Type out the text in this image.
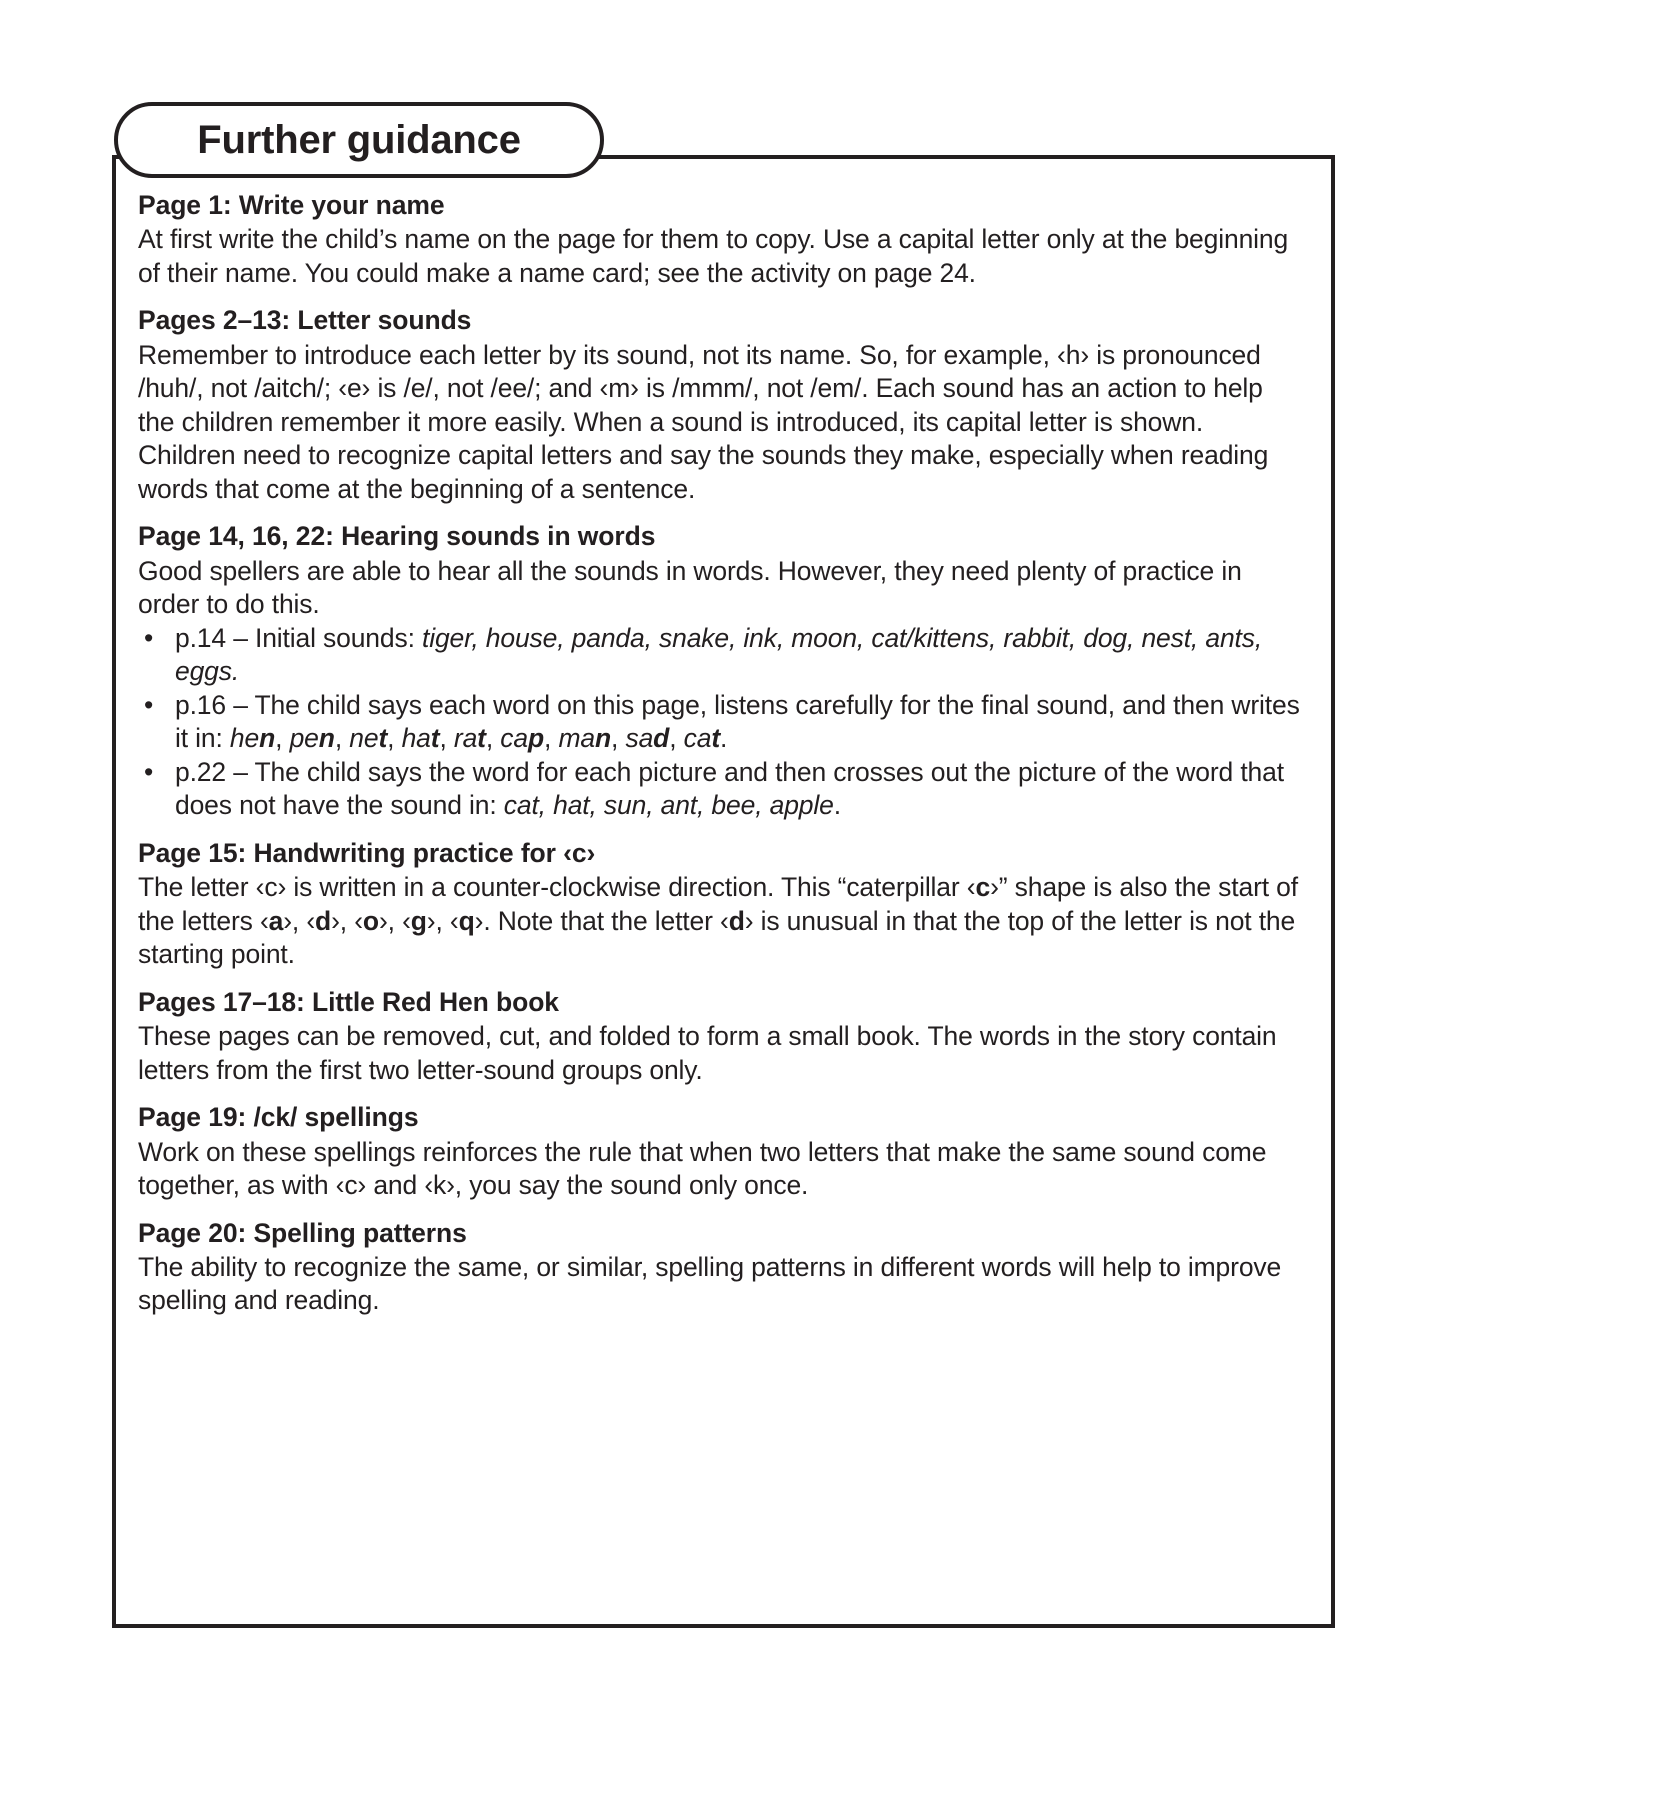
Further guidance
Page 1: Write your name

At first write the child’s name on the page for them to copy. Use a capital letter only at the beginning of their name. You could make a name card; see the activity on page 24.

Pages 2–13: Letter sounds

Remember to introduce each letter by its sound, not its name. So, for example, ‹h› is pronounced /huh/, not /aitch/; ‹e› is /e/, not /ee/; and ‹m› is /mmm/, not /em/. Each sound has an action to help the children remember it more easily. When a sound is introduced, its capital letter is shown. Children need to recognize capital letters and say the sounds they make, especially when reading words that come at the beginning of a sentence.

Page 14, 16, 22: Hearing sounds in words

Good spellers are able to hear all the sounds in words. However, they need plenty of practice in order to do this.

• p.14 – Initial sounds: tiger, house, panda, snake, ink, moon, cat/kittens, rabbit, dog, nest, ants, eggs.
• p.16 – The child says each word on this page, listens carefully for the final sound, and then writes it in: hen, pen, net, hat, rat, cap, man, sad, cat.
• p.22 – The child says the word for each picture and then crosses out the picture of the word that does not have the sound in: cat, hat, sun, ant, bee, apple.
Page 15: Handwriting practice for ‹c›

The letter ‹c› is written in a counter-clockwise direction. This “caterpillar ‹c›” shape is also the start of the letters ‹a›, ‹d›, ‹o›, ‹g›, ‹q›. Note that the letter ‹d› is unusual in that the top of the letter is not the starting point.

Pages 17–18: Little Red Hen book

These pages can be removed, cut, and folded to form a small book. The words in the story contain letters from the first two letter-sound groups only.

Page 19: /ck/ spellings

Work on these spellings reinforces the rule that when two letters that make the same sound come together, as with ‹c› and ‹k›, you say the sound only once.

Page 20: Spelling patterns

The ability to recognize the same, or similar, spelling patterns in different words will help to improve spelling and reading.
